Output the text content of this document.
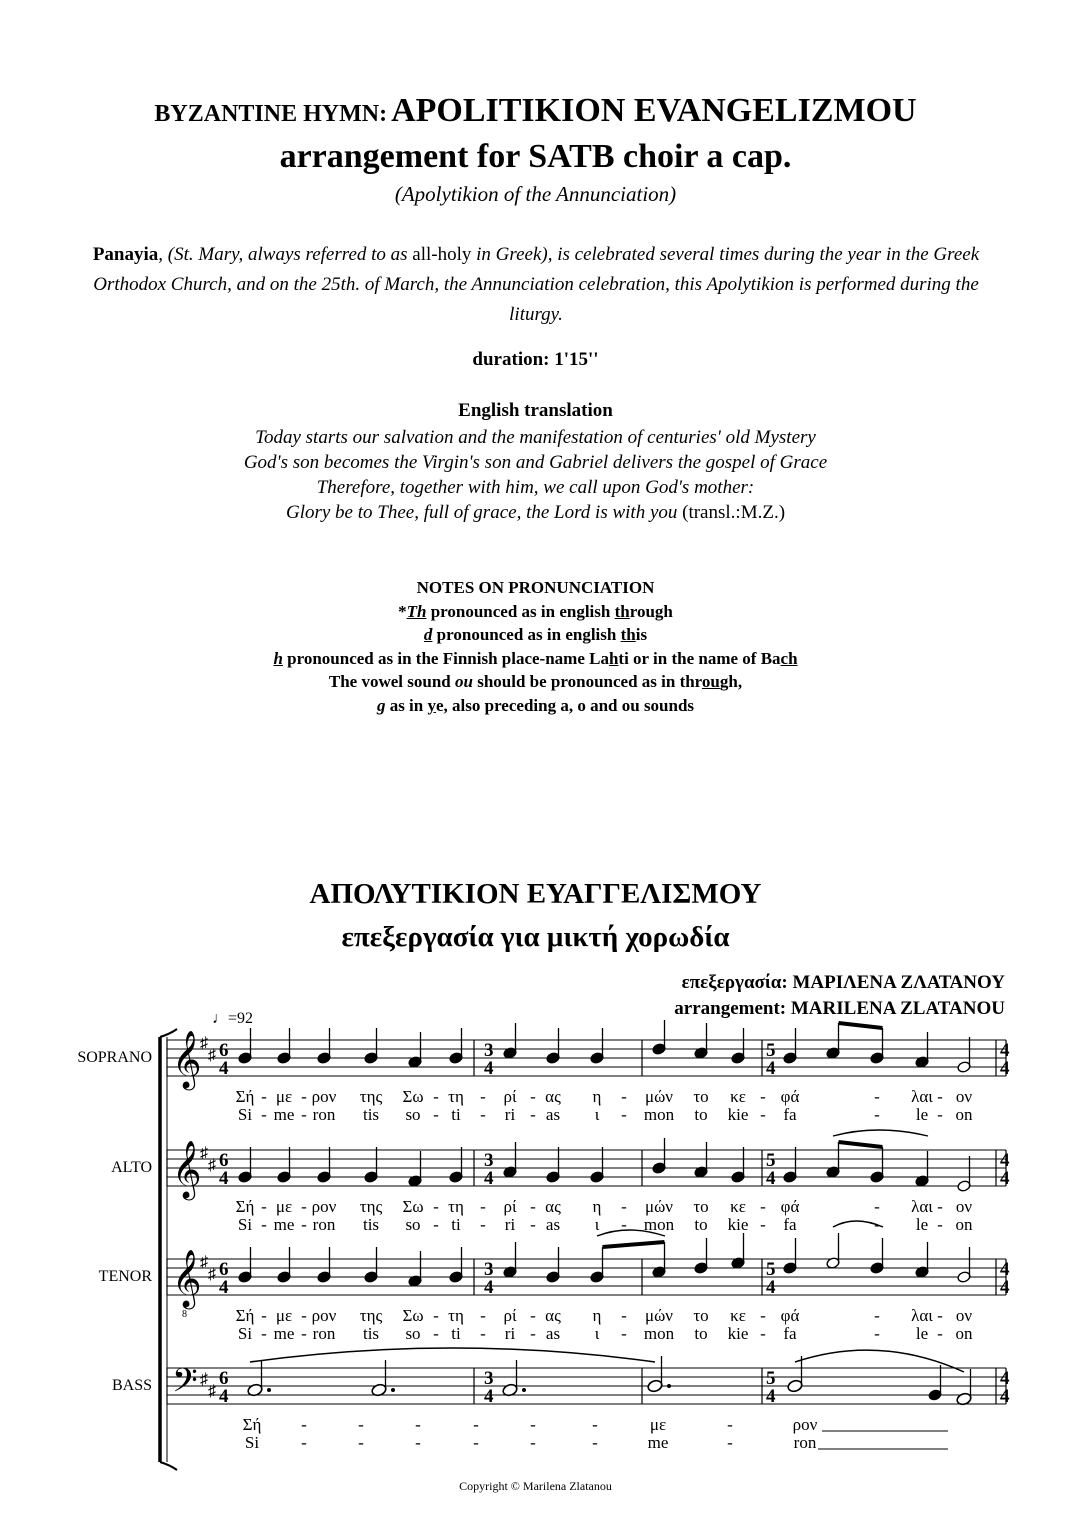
BYZANTINE HYMN: APOLITIKION EVANGELIZMOU
arrangement for SATB choir a cap.
(Apolytikion of the Annunciation)
Panayia, (St. Mary, always referred to as all-holy in Greek), is celebrated several times during the year in the Greek Orthodox Church, and on the 25th. of March, the Annunciation celebration, this Apolytikion is performed during the liturgy.
duration: 1'15''
English translation
Today starts our salvation and the manifestation of centuries' old Mystery
God's son becomes the Virgin's son and Gabriel delivers the gospel of Grace
Therefore, together with him, we call upon God's mother:
Glory be to Thee, full of grace, the Lord is with you (transl.:M.Z.)
NOTES ON PRONUNCIATION
*Th pronounced as in english through
d pronounced as in english this
h pronounced as in the Finnish place-name Lahti or in the name of Bach
The vowel sound ou should be pronounced as in through,
g as in ye, also preceding a, o and ou sounds
ΑΠΟΛΥΤΙΚΙΟΝ ΕΥΑΓΓΕΛΙΣΜΟΥ
επεξεργασία για μικτή χορωδία
επεξεργασία: ΜΑΡΙΛΕΝΑ ΖΛΑΤΑΝΟΥ
arrangement: MARILENA ZLATANOU
♩=92
SOPRANO
ALTO
TENOR
BASS
𝄞
𝄞
𝄞
8
𝄢
♯
♯
♯
♯
♯
♯
♯
♯
6
4
3
4
5
4
4
4
6
4
3
4
5
4
4
4
6
4
3
4
5
4
4
4
6
4
3
4
5
4
4
4
Σή - με - ρον της Σω - τη - ρί - ας η - μών το κε - φά	- λαι - ον
Si - me - ron tis so - ti - ri - as ι - mon to kie - fa	- le - on
Σή - με - ρον της Σω - τη - ρί - ας η - μών το κε - φά	- λαι - ον
Si - me - ron tis so - ti - ri - as ι - mon to kie - fa	- le - on
Σή - με - ρον της Σω - τη - ρί - ας η - μών το κε - φά	- λαι - ον
Si - me - ron tis so - ti - ri - as ι - mon to kie - fa	- le - on
Σή -	-	-	-	-	-	με	-	ρον
Si -	-	-	-	-	-	me	-	ron
Copyright © Marilena Zlatanou
